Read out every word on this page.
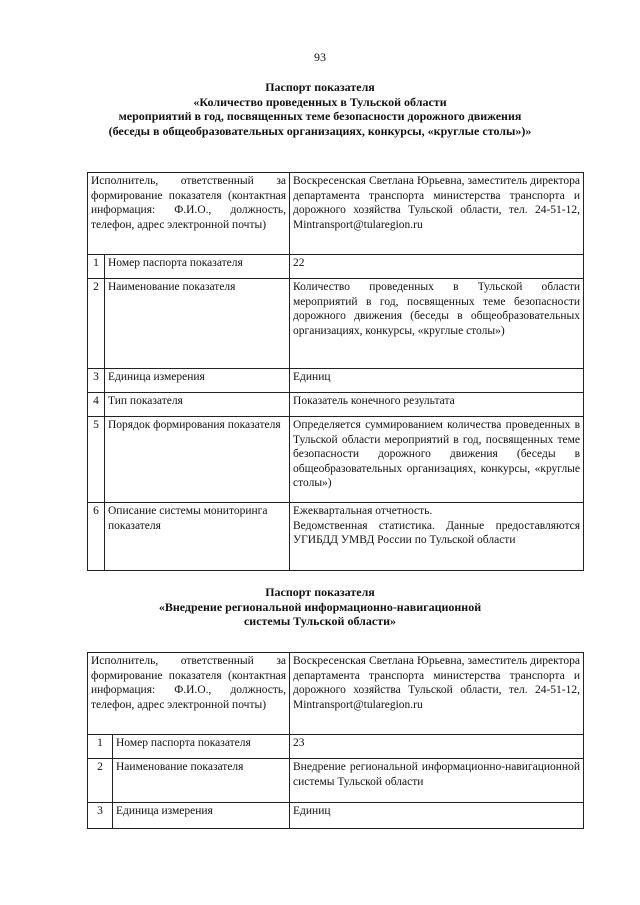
93
Паспорт показателя
«Количество проведенных в Тульской области
мероприятий в год, посвященных теме безопасности дорожного движения
(беседы в общеобразовательных организациях, конкурсы, «круглые столы»)»
Исполнитель, ответственный за формирование показателя (контактная информация: Ф.И.О., должность, телефон, адрес электронной почты)		Воскресенская Светлана Юрьевна, заместитель директора департамента транспорта министерства транспорта и дорожного хозяйства Тульской области, тел. 24-51-12, Mintransport@tularegion.ru
1	Номер паспорта показателя	22
2	Наименование показателя	Количество проведенных в Тульской области мероприятий в год, посвященных теме безопасности дорожного движения (беседы в общеобразовательных организациях, конкурсы, «круглые столы»)
3	Единица измерения	Единиц
4	Тип показателя	Показатель конечного результата
5	Порядок формирования показателя	Определяется суммированием количества проведенных в Тульской области мероприятий в год, посвященных теме безопасности дорожного движения (беседы в общеобразовательных организациях, конкурсы, «круглые столы»)
6	Описание системы мониторинга показателя	Ежеквартальная отчетность.
Ведомственная статистика. Данные предоставляются УГИБДД УМВД России по Тульской области
Паспорт показателя
«Внедрение региональной информационно-навигационной
системы Тульской области»
Исполнитель, ответственный за формирование показателя (контактная информация: Ф.И.О., должность, телефон, адрес электронной почты)		Воскресенская Светлана Юрьевна, заместитель директора департамента транспорта министерства транспорта и дорожного хозяйства Тульской области, тел. 24-51-12, Mintransport@tularegion.ru
1	Номер паспорта показателя	23
2	Наименование показателя	Внедрение региональной информационно-навигационной системы Тульской области
3	Единица измерения	Единиц
